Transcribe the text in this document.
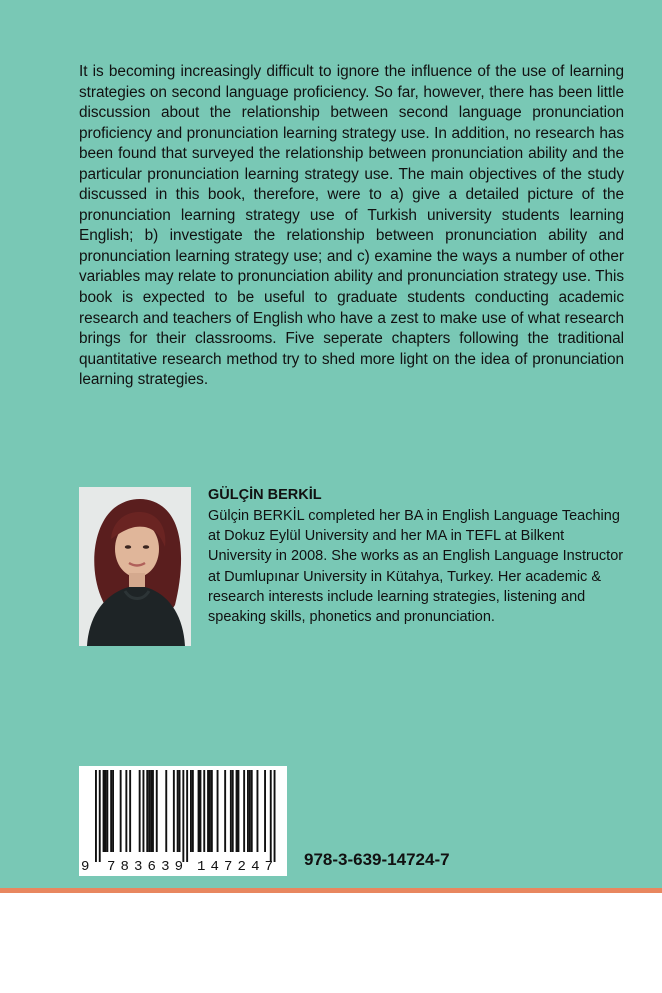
It is becoming increasingly difficult to ignore the influence of the use of learning strategies on second language proficiency. So far, however, there has been little discussion about the relationship between second language pronunciation proficiency and pronunciation learning strategy use. In addition, no research has been found that surveyed the relationship between pronunciation ability and the particular pronunciation learning strategy use. The main objectives of the study discussed in this book, therefore, were to a) give a detailed picture of the pronunciation learning strategy use of Turkish university students learning English; b) investigate the relationship between pronunciation ability and pronunciation learning strategy use; and c) examine the ways a number of other variables may relate to pronunciation ability and pronunciation strategy use. This book is expected to be useful to graduate students conducting academic research and teachers of English who have a zest to make use of what research brings for their classrooms. Five seperate chapters following the traditional quantitative research method try to shed more light on the idea of pronunciation learning strategies.

GÜLÇİN BERKİL

Gülçin BERKİL completed her BA in English Language Teaching at Dokuz Eylül University and her MA in TEFL at Bilkent University in 2008. She works as an English Language Instructor at Dumlupınar University in Kütahya, Turkey. Her academic & research interests include learning strategies, listening and speaking skills, phonetics and pronunciation.

9 783639 147247 978-3-639-14724-7
